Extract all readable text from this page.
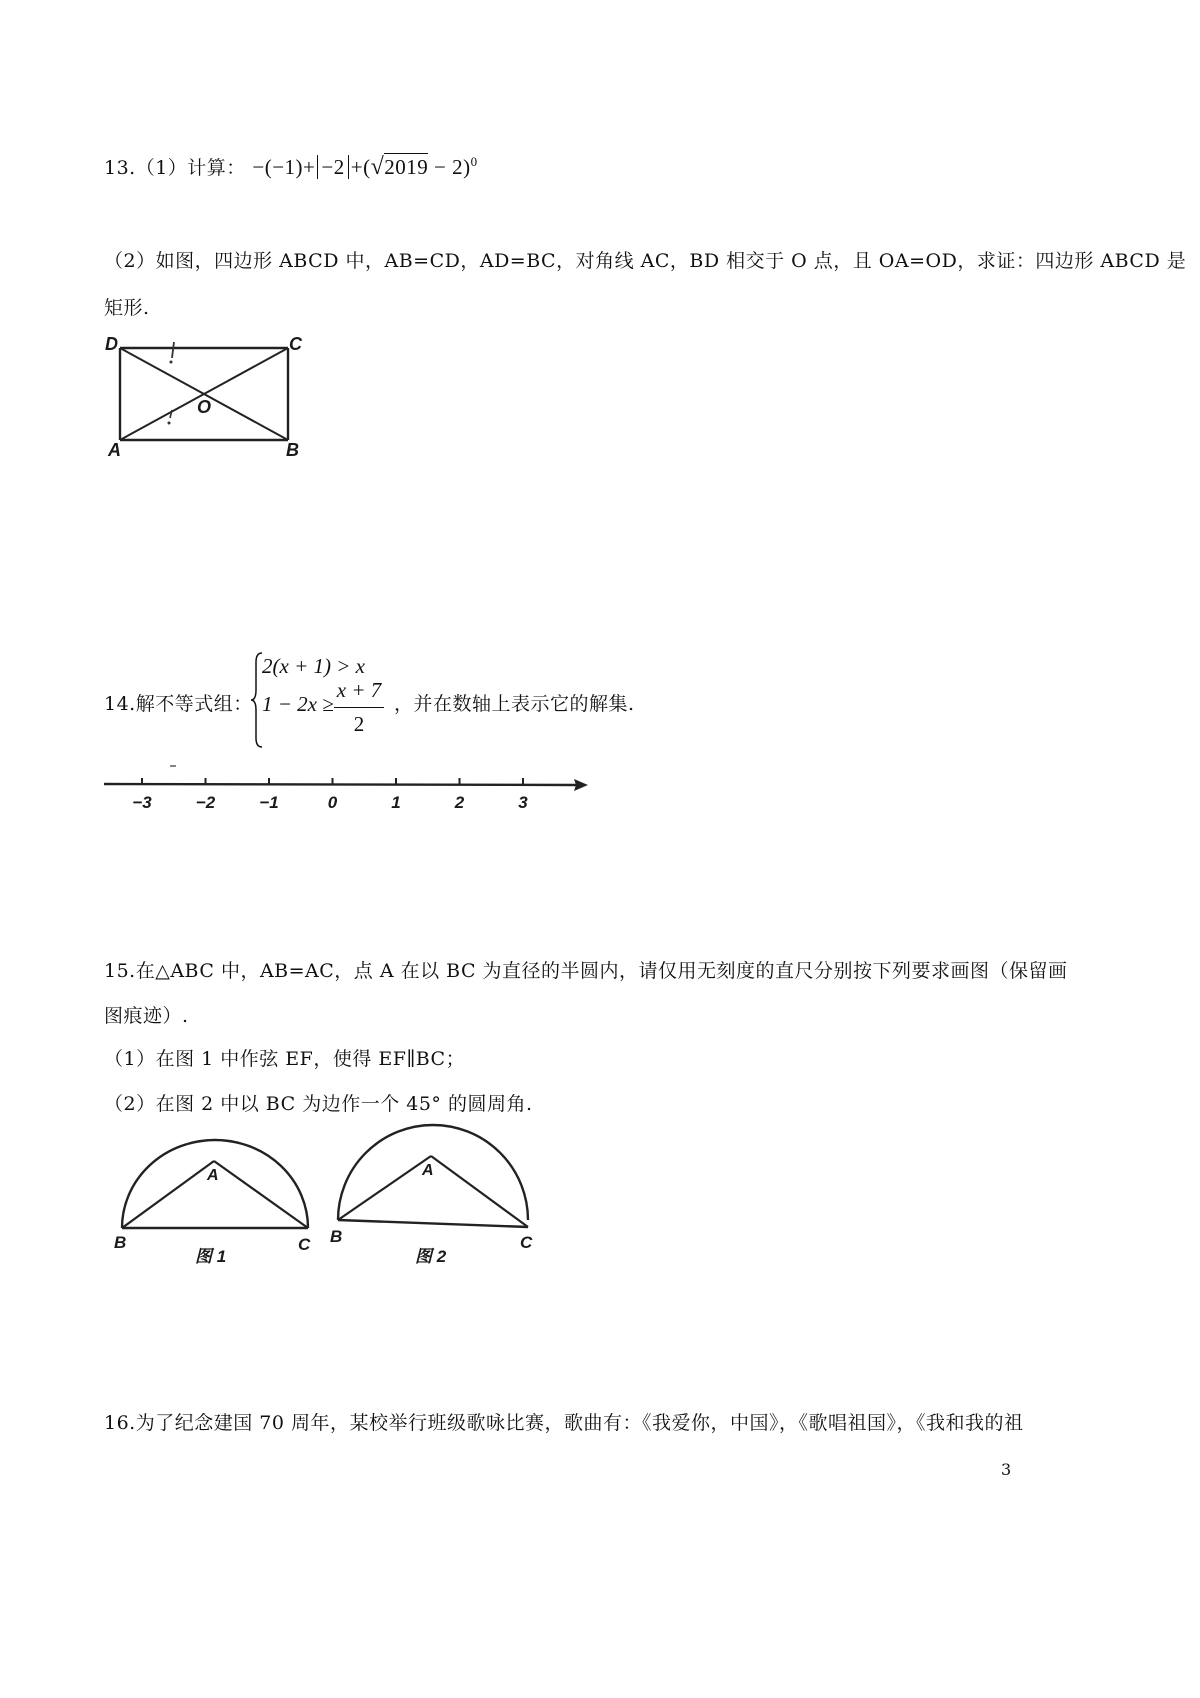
13.（1）计算： $-(-1)+ -2 +(√2019 - 2)^0$
（2）如图，四边形 ABCD 中，AB=CD，AD=BC，对角线 AC，BD 相交于 O 点，且 OA=OD，求证：四边形 ABCD 是
矩形.
D	C
O
A	B
14.解不等式组：
2(x + 1) > x
1 − 2x ≥
x + 7
2
，并在数轴上表示它的解集.
−3	−2	−1	0	1	2	3
15.在△ABC 中，AB=AC，点 A 在以 BC 为直径的半圆内，请仅用无刻度的直尺分别按下列要求画图（保留画
图痕迹）.
（1）在图 1 中作弦 EF，使得 EF∥BC；
（2）在图 2 中以 BC 为边作一个 45° 的圆周角.
A
B	C
图 1
A
B	C
图 2
16.为了纪念建国 70 周年，某校举行班级歌咏比赛，歌曲有：《我爱你，中国》，《歌唱祖国》，《我和我的祖
3
